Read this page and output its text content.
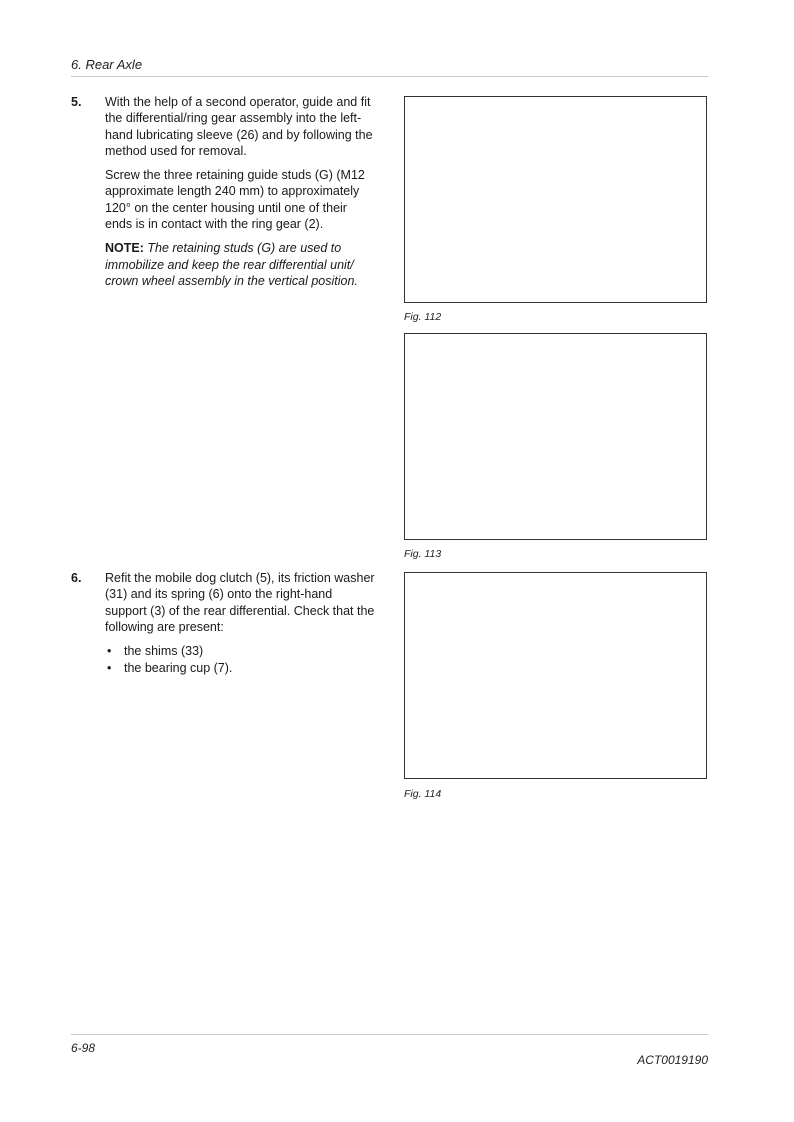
6. Rear Axle
5. With the help of a second operator, guide and fit the differential/ring gear assembly into the left-hand lubricating sleeve (26) and by following the method used for removal.

Screw the three retaining guide studs (G) (M12 approximate length 240 mm) to approximately 120° on the center housing until one of their ends is in contact with the ring gear (2).

NOTE: The retaining studs (G) are used to immobilize and keep the rear differential unit/ crown wheel assembly in the vertical position.

6. Refit the mobile dog clutch (5), its friction washer (31) and its spring (6) onto the right-hand support (3) of the rear differential. Check that the following are present:

• the shims (33)
• the bearing cup (7).
Fig. 112
Fig. 113
Fig. 114
6-98
ACT0019190
